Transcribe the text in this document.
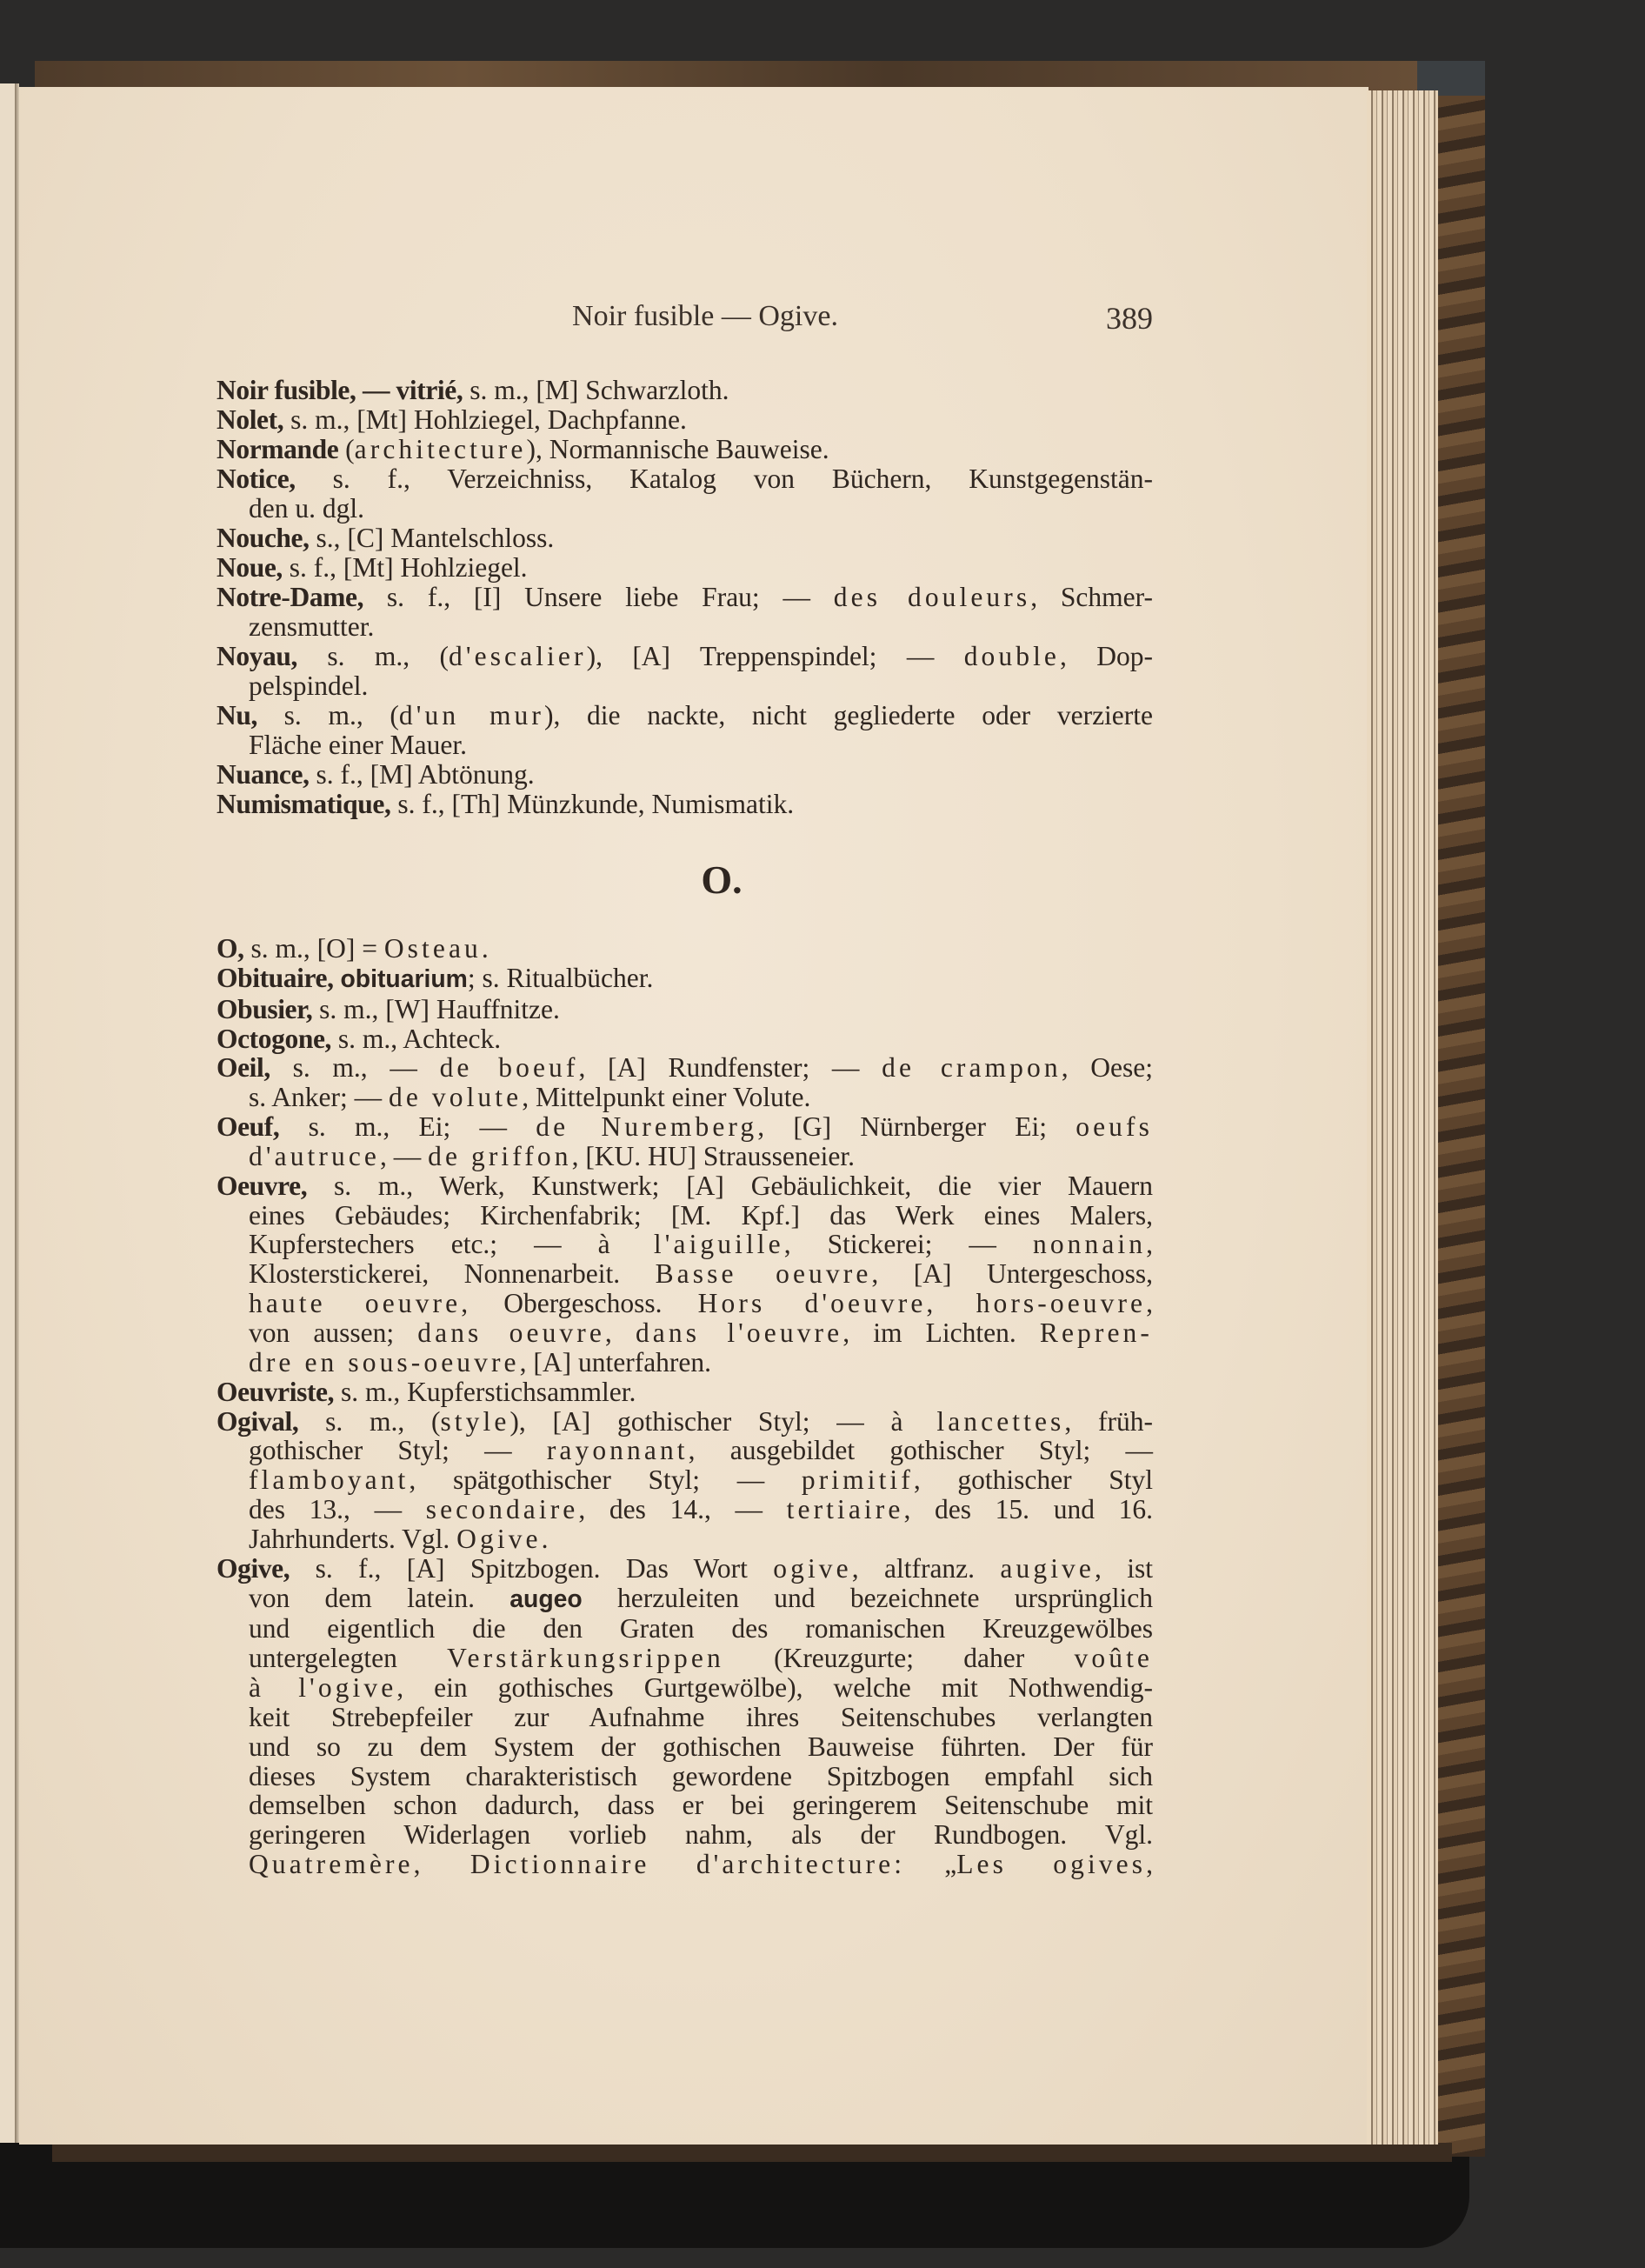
Noir fusible — Ogive.	389
Noir fusible, — vitrié, s. m., [M] Schwarzloth.
Nolet, s. m., [Mt] Hohlziegel, Dachpfanne.
Normande (architecture), Normannische Bauweise.
Notice, s. f., Verzeichniss, Katalog von Büchern, Kunstgegenstän-
den u. dgl.
Nouche, s., [C] Mantelschloss.
Noue, s. f., [Mt] Hohlziegel.
Notre-Dame, s. f., [I] Unsere liebe Frau; — des douleurs, Schmer-
zensmutter.
Noyau, s. m., (d'escalier), [A] Treppenspindel; — double, Dop-
pelspindel.
Nu, s. m., (d'un mur), die nackte, nicht gegliederte oder verzierte
Fläche einer Mauer.
Nuance, s. f., [M] Abtönung.
Numismatique, s. f., [Th] Münzkunde, Numismatik.
O.
O, s. m., [O] = Osteau.
Obituaire, obituarium; s. Ritualbücher.
Obusier, s. m., [W] Hauffnitze.
Octogone, s. m., Achteck.
Oeil, s. m., — de boeuf, [A] Rundfenster; — de crampon, Oese;
s. Anker; — de volute, Mittelpunkt einer Volute.
Oeuf, s. m., Ei; — de Nuremberg, [G] Nürnberger Ei; oeufs
d'autruce, — de griffon, [KU. HU] Strausseneier.
Oeuvre, s. m., Werk, Kunstwerk; [A] Gebäulichkeit, die vier Mauern
eines Gebäudes; Kirchenfabrik; [M. Kpf.] das Werk eines Malers,
Kupferstechers etc.; — à l'aiguille, Stickerei; — nonnain,
Klosterstickerei, Nonnenarbeit. Basse oeuvre, [A] Untergeschoss,
haute oeuvre, Obergeschoss. Hors d'oeuvre, hors-oeuvre,
von aussen; dans oeuvre, dans l'oeuvre, im Lichten. Repren-
dre en sous-oeuvre, [A] unterfahren.
Oeuvriste, s. m., Kupferstichsammler.
Ogival, s. m., (style), [A] gothischer Styl; — à lancettes, früh-
gothischer Styl; — rayonnant, ausgebildet gothischer Styl; —
flamboyant, spätgothischer Styl; — primitif, gothischer Styl
des 13., — secondaire, des 14., — tertiaire, des 15. und 16.
Jahrhunderts. Vgl. Ogive.
Ogive, s. f., [A] Spitzbogen. Das Wort ogive, altfranz. augive, ist
von dem latein. augeo herzuleiten und bezeichnete ursprünglich
und eigentlich die den Graten des romanischen Kreuzgewölbes
untergelegten Verstärkungsrippen (Kreuzgurte; daher voûte
à l'ogive, ein gothisches Gurtgewölbe), welche mit Nothwendig-
keit Strebepfeiler zur Aufnahme ihres Seitenschubes verlangten
und so zu dem System der gothischen Bauweise führten. Der für
dieses System charakteristisch gewordene Spitzbogen empfahl sich
demselben schon dadurch, dass er bei geringerem Seitenschube mit
geringeren Widerlagen vorlieb nahm, als der Rundbogen. Vgl.
Quatremère, Dictionnaire d'architecture: „Les ogives,
